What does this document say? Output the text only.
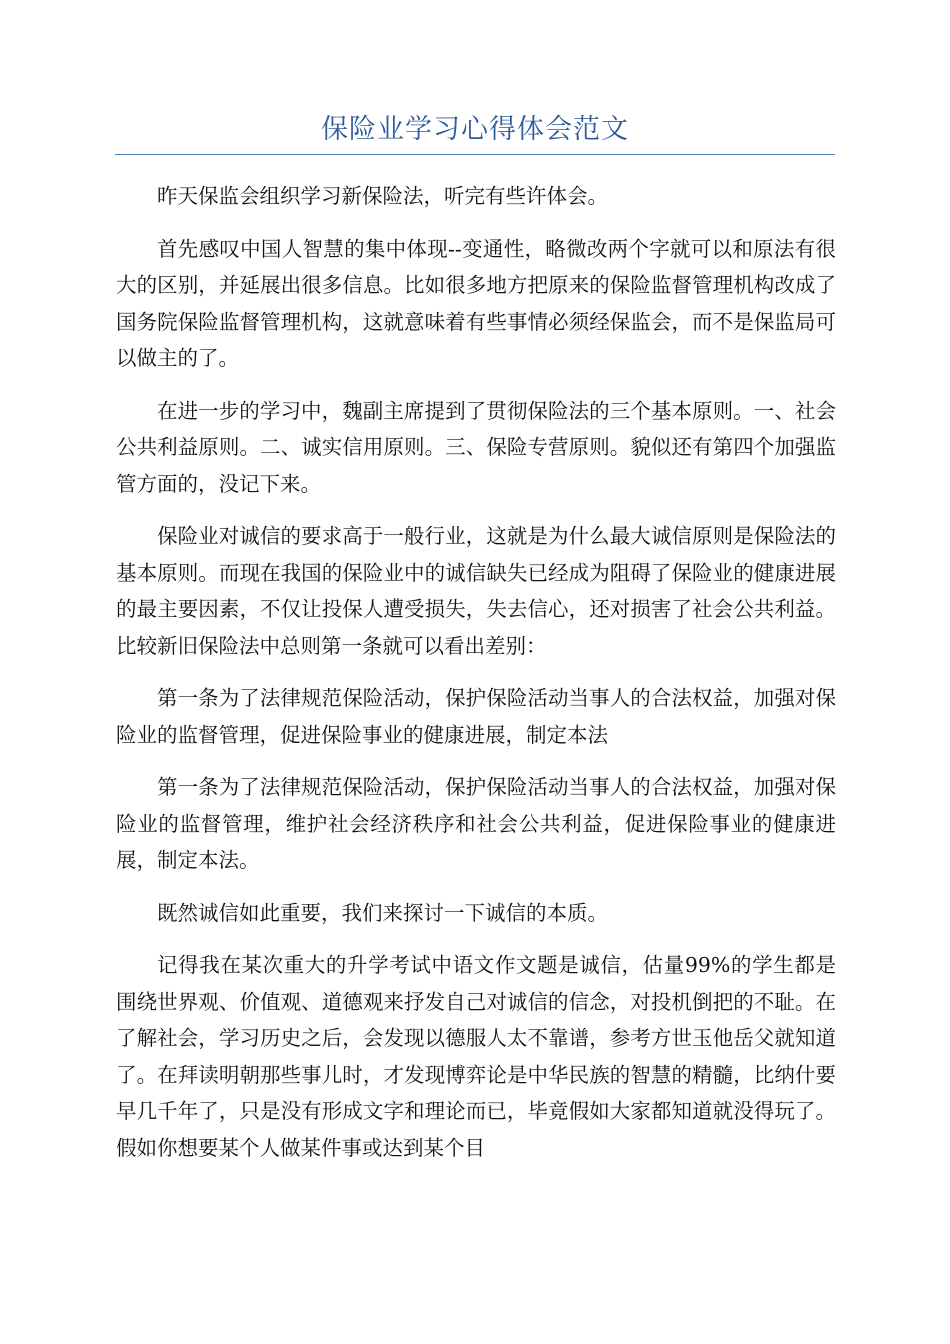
保险业学习心得体会范文

昨天保监会组织学习新保险法，听完有些许体会。

首先感叹中国人智慧的集中体现--变通性，略微改两个字就可以和原法有很大的区别，并延展出很多信息。比如很多地方把原来的保险监督管理机构改成了国务院保险监督管理机构，这就意味着有些事情必须经保监会，而不是保监局可以做主的了。

在进一步的学习中，魏副主席提到了贯彻保险法的三个基本原则。一、社会公共利益原则。二、诚实信用原则。三、保险专营原则。貌似还有第四个加强监管方面的，没记下来。

保险业对诚信的要求高于一般行业，这就是为什么最大诚信原则是保险法的基本原则。而现在我国的保险业中的诚信缺失已经成为阻碍了保险业的健康进展的最主要因素，不仅让投保人遭受损失，失去信心，还对损害了社会公共利益。比较新旧保险法中总则第一条就可以看出差别：

第一条为了法律规范保险活动，保护保险活动当事人的合法权益，加强对保险业的监督管理，促进保险事业的健康进展，制定本法

第一条为了法律规范保险活动，保护保险活动当事人的合法权益，加强对保险业的监督管理，维护社会经济秩序和社会公共利益，促进保险事业的健康进展，制定本法。

既然诚信如此重要，我们来探讨一下诚信的本质。

记得我在某次重大的升学考试中语文作文题是诚信，估量99%的学生都是围绕世界观、价值观、道德观来抒发自己对诚信的信念，对投机倒把的不耻。在了解社会，学习历史之后，会发现以德服人太不靠谱，参考方世玉他岳父就知道了。在拜读明朝那些事儿时，才发现博弈论是中华民族的智慧的精髓，比纳什要早几千年了，只是没有形成文字和理论而已，毕竟假如大家都知道就没得玩了。假如你想要某个人做某件事或达到某个目
